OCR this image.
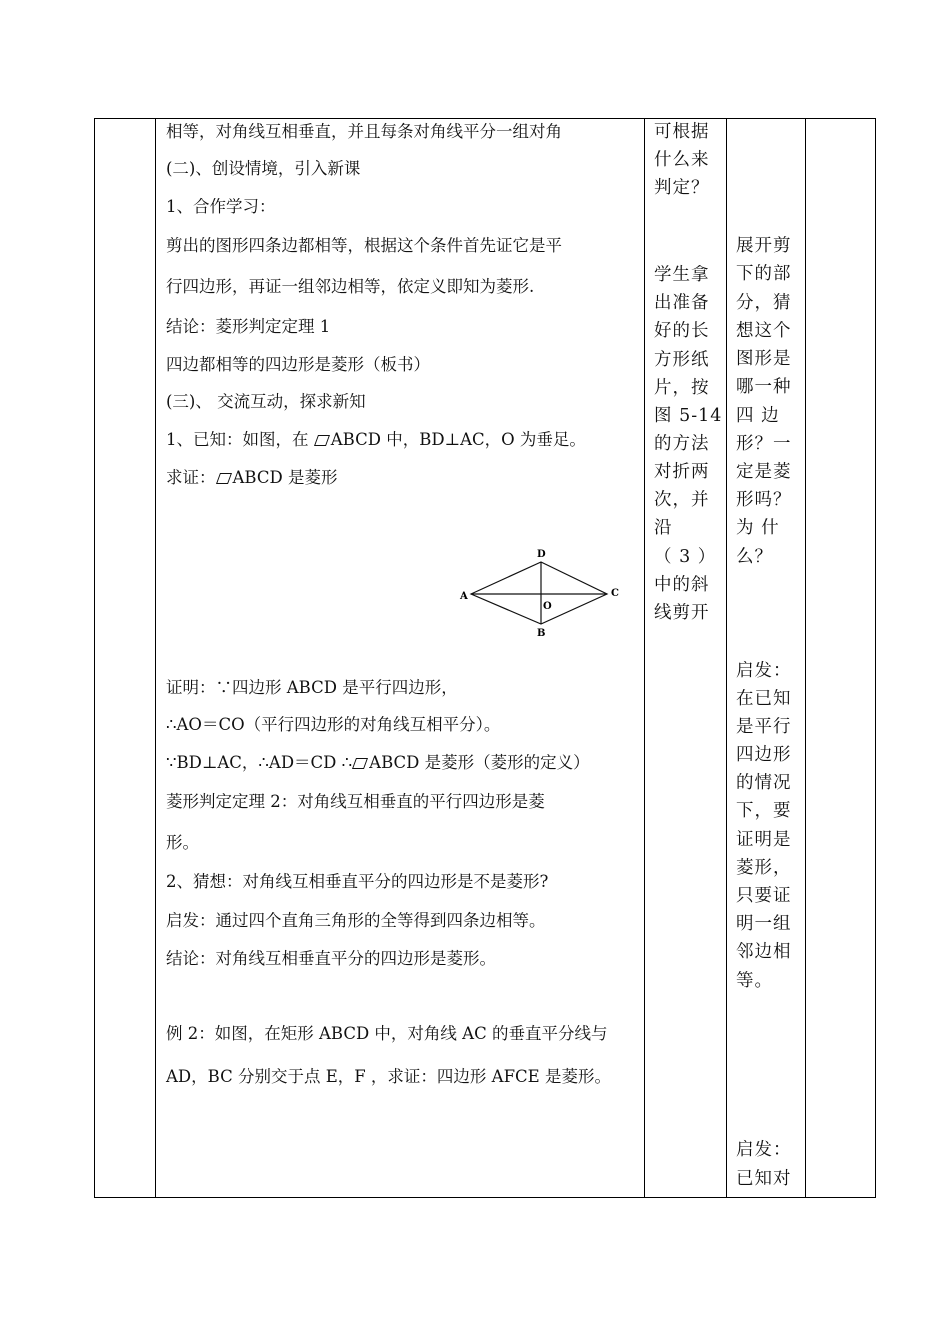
相等，对角线互相垂直，并且每条对角线平分一组对角
(二)、创设情境，引入新课
1、合作学习：
剪出的图形四条边都相等，根据这个条件首先证它是平
行四边形，再证一组邻边相等，依定义即知为菱形.
结论：菱形判定定理 1
四边都相等的四边形是菱形（板书）
(三)、 交流互动，探求新知
1、已知：如图，在 ABCD 中，BD⊥AC，O 为垂足。
求证： ABCD 是菱形
证明：∵四边形 ABCD 是平行四边形，
∴AO＝CO（平行四边形的对角线互相平分）。
∵BD⊥AC，∴AD＝CD ∴ ABCD 是菱形（菱形的定义）
菱形判定定理 2：对角线互相垂直的平行四边形是菱
形。
2、猜想：对角线互相垂直平分的四边形是不是菱形?
启发：通过四个直角三角形的全等得到四条边相等。
结论：对角线互相垂直平分的四边形是菱形。
例 2：如图，在矩形 ABCD 中，对角线 AC 的垂直平分线与
AD，BC 分别交于点 E，F ，求证：四边形 AFCE 是菱形。
A
D
C
B
O
可根据
什么来
判定？
学生拿
出准备
好的长
方形纸
片，按
图 5-14
的方法
对折两
次，并
沿
（ 3 ）
中的斜
线剪开
展开剪
下的部
分，猜
想这个
图形是
哪一种
四 边
形？一
定是菱
形吗？
为 什
么？
启发：
在已知
是平行
四边形
的情况
下，要
证明是
菱形，
只要证
明一组
邻边相
等。
启发：
已知对
